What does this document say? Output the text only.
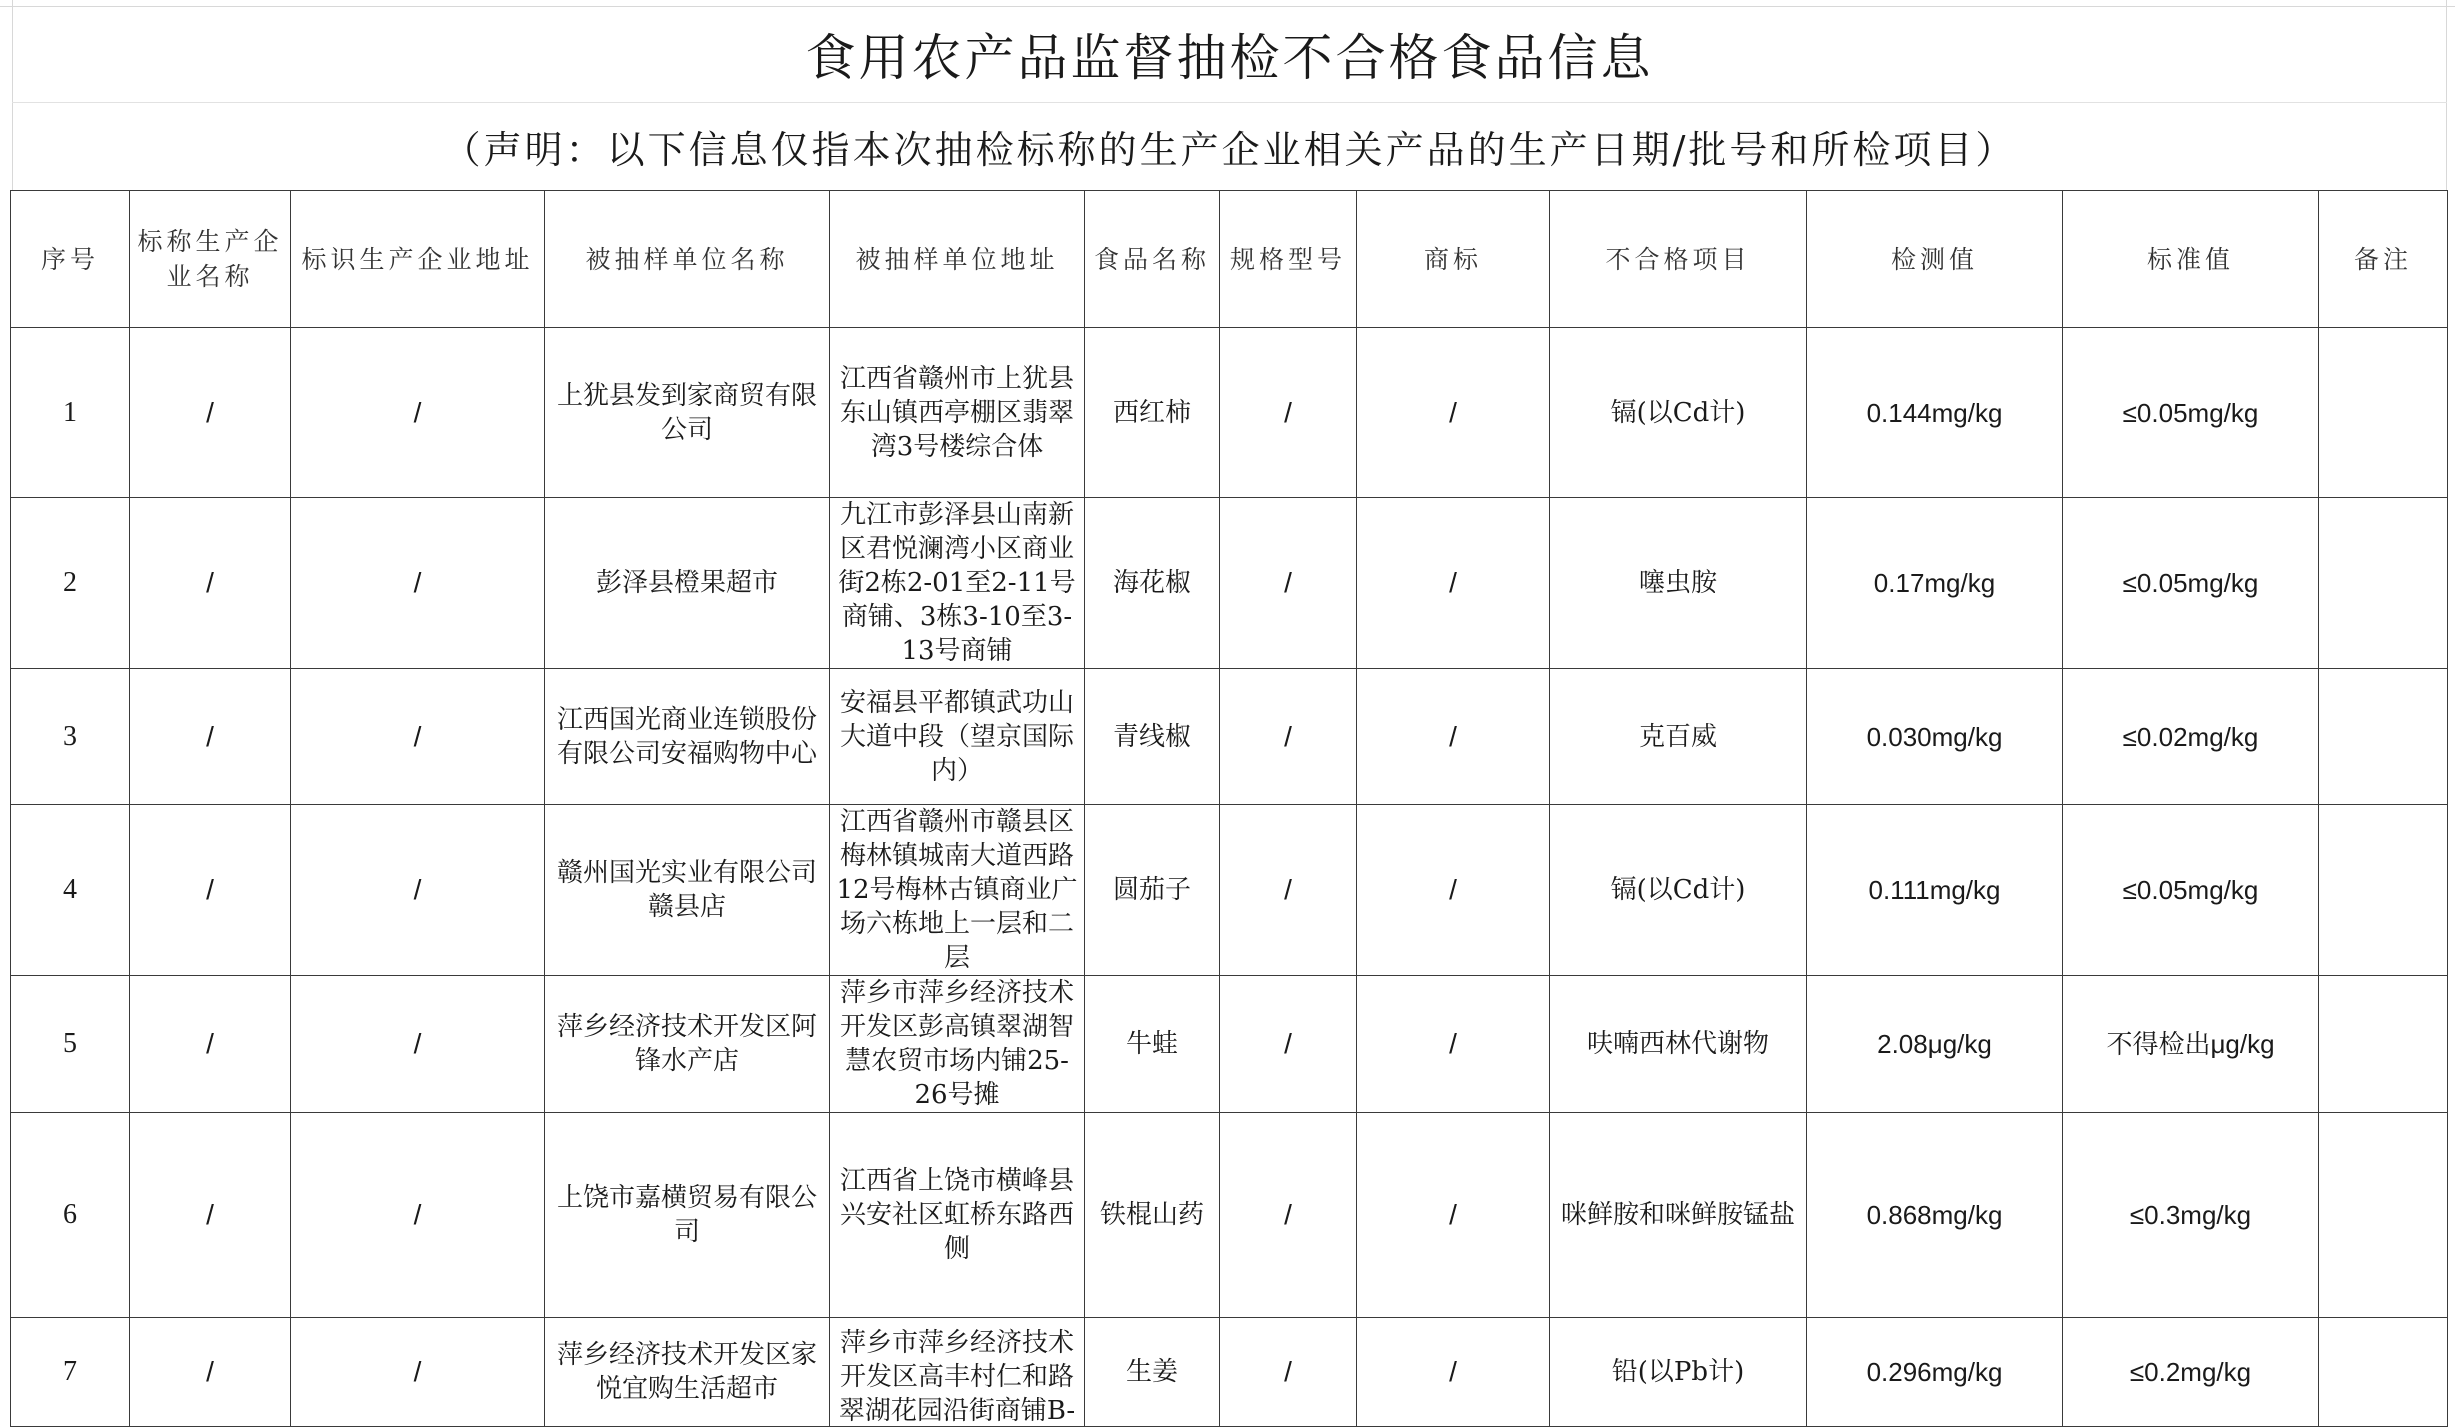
食用农产品监督抽检不合格食品信息
（声明：以下信息仅指本次抽检标称的生产企业相关产品的生产日期/批号和所检项目）
序号	标称生产企业名称	标识生产企业地址	被抽样单位名称	被抽样单位地址	食品名称	规格型号	商标	不合格项目	检测值	标准值	备注
1	/	/	上犹县发到家商贸有限公司	江西省赣州市上犹县东山镇西亭棚区翡翠湾3号楼综合体	西红柿	/	/	镉(以Cd计)	0.144mg/kg	≤0.05mg/kg	
2	/	/	彭泽县橙果超市	九江市彭泽县山南新区君悦澜湾小区商业街2栋2-01至2-11号商铺、3栋3-10至3-13号商铺	海花椒	/	/	噻虫胺	0.17mg/kg	≤0.05mg/kg	
3	/	/	江西国光商业连锁股份有限公司安福购物中心	安福县平都镇武功山大道中段（望京国际内）	青线椒	/	/	克百威	0.030mg/kg	≤0.02mg/kg	
4	/	/	赣州国光实业有限公司赣县店	江西省赣州市赣县区梅林镇城南大道西路12号梅林古镇商业广场六栋地上一层和二层	圆茄子	/	/	镉(以Cd计)	0.111mg/kg	≤0.05mg/kg	
5	/	/	萍乡经济技术开发区阿锋水产店	萍乡市萍乡经济技术开发区彭高镇翠湖智慧农贸市场内铺25-26号摊	牛蛙	/	/	呋喃西林代谢物	2.08μg/kg	不得检出μg/kg	
6	/	/	上饶市嘉横贸易有限公司	江西省上饶市横峰县兴安社区虹桥东路西侧	铁棍山药	/	/	咪鲜胺和咪鲜胺锰盐	0.868mg/kg	≤0.3mg/kg	
7	/	/	萍乡经济技术开发区家悦宜购生活超市	萍乡市萍乡经济技术开发区高丰村仁和路翠湖花园沿街商铺B-	生姜	/	/	铅(以Pb计)	0.296mg/kg	≤0.2mg/kg	
